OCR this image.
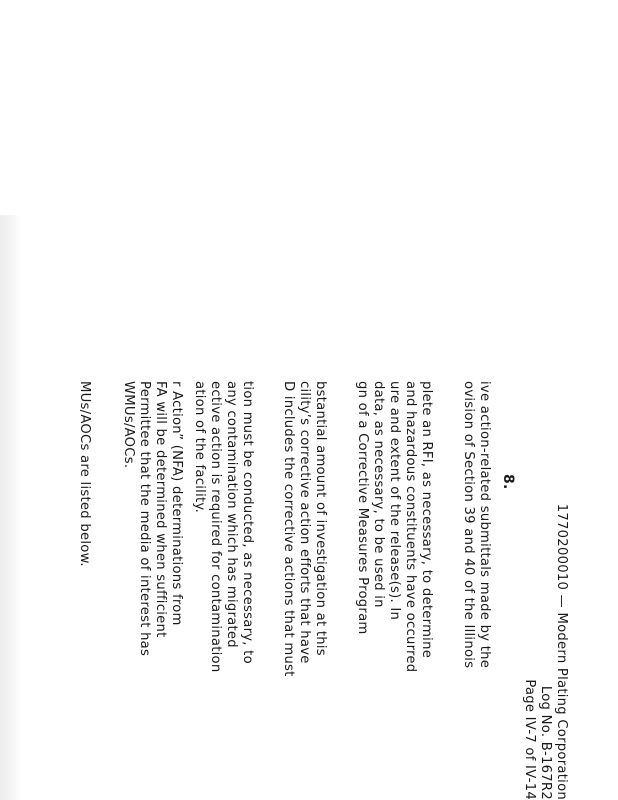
1770200010 — Modern Plating Corporation
Log No. B-167R2
Page IV-7 of IV-14
8.
ive action-related submittals made by the
ovision of Section 39 and 40 of the Illinois
plete an RFI, as necessary, to determine
and hazardous constituents have occurred
ure and extent of the release(s). In
data, as necessary, to be used in
gn of a Corrective Measures Program
bstantial amount of investigation at this
cility’s corrective action efforts that have
D includes the corrective actions that must
tion must be conducted, as necessary, to
any contamination which has migrated
ective action is required for contamination
ation of the facility.
r Action” (NFA) determinations from
FA will be determined when sufficient
Permittee that the media of interest has
WMUs/AOCs.
MUs/AOCs are listed below.
